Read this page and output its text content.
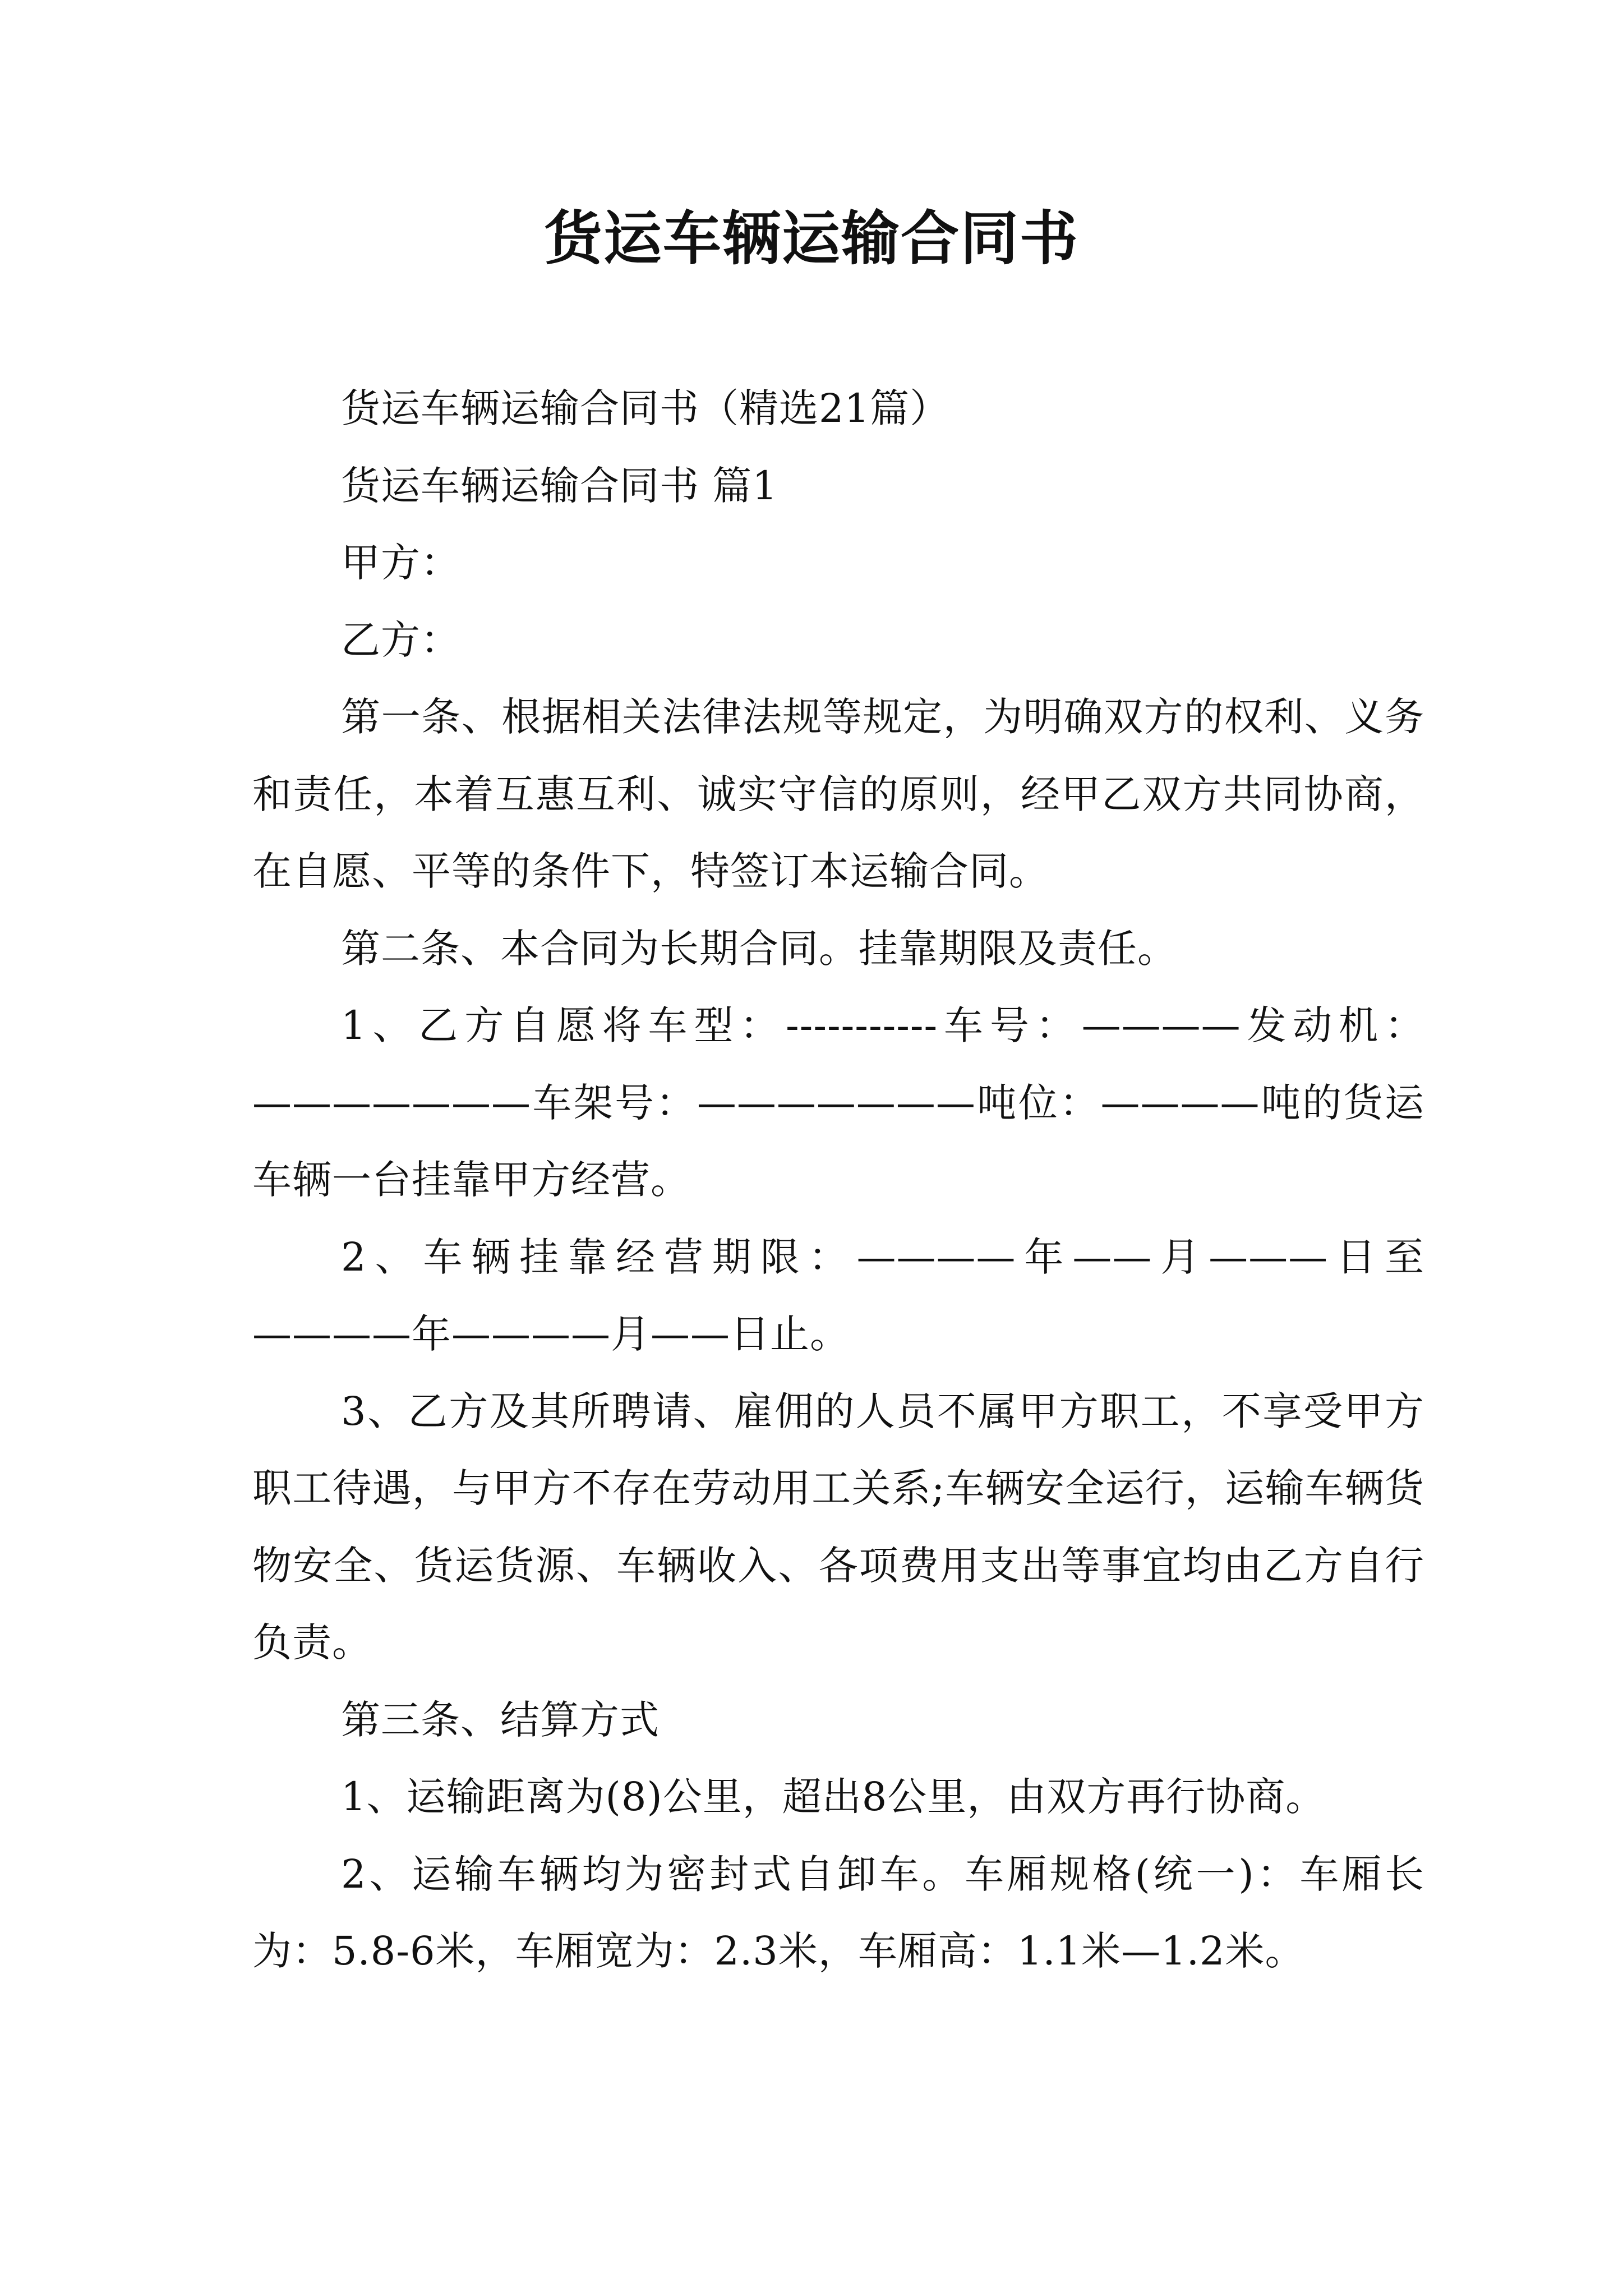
货运车辆运输合同书

货运车辆运输合同书（精选21篇）

货运车辆运输合同书 篇1

甲方：

乙方：

第一条、根据相关法律法规等规定，为明确双方的权利、义务和责任，本着互惠互利、诚实守信的原则，经甲乙双方共同协商，在自愿、平等的条件下，特签订本运输合同。

第二条、本合同为长期合同。挂靠期限及责任。

1、乙方自愿将车型：-----------车号：————发动机：———————车架号：———————吨位：————吨的货运车辆一台挂靠甲方经营。

2、车辆挂靠经营期限：————年——月———日至————年————月——日止。

3、乙方及其所聘请、雇佣的人员不属甲方职工，不享受甲方职工待遇，与甲方不存在劳动用工关系;车辆安全运行，运输车辆货物安全、货运货源、车辆收入、各项费用支出等事宜均由乙方自行负责。

第三条、结算方式

1、运输距离为(8)公里，超出8公里，由双方再行协商。

2、运输车辆均为密封式自卸车。车厢规格(统一)：车厢长为：5.8-6米，车厢宽为：2.3米，车厢高：1.1米—1.2米。
